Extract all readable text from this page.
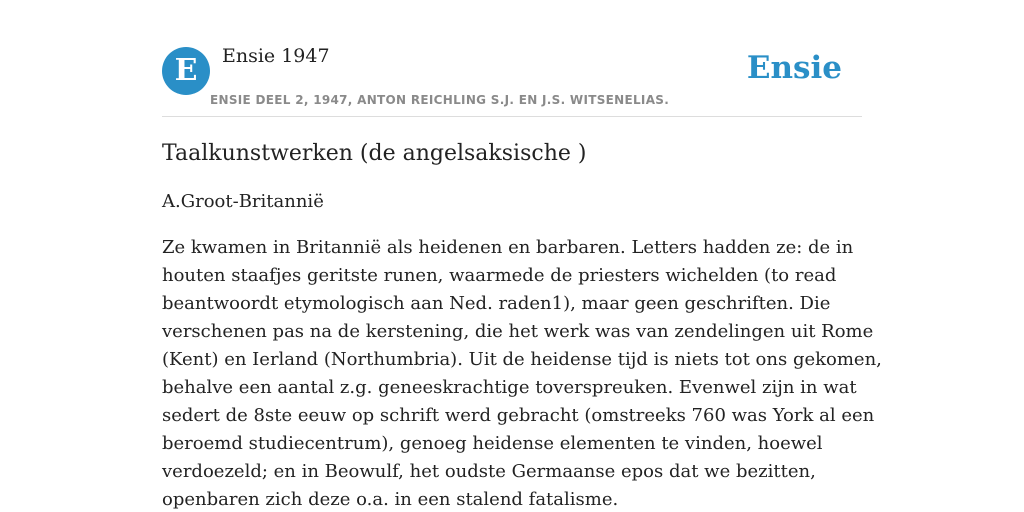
E	Ensie 1947
ENSIE DEEL 2, 1947, ANTON REICHLING S.J. EN J.S. WITSENELIAS.
Ensie
Taalkunstwerken (de angelsaksische )

A.Groot-Britannië

Ze kwamen in Britannië als heidenen en barbaren. Letters hadden ze: de in
houten staafjes geritste runen, waarmede de priesters wichelden (to read
beantwoordt etymologisch aan Ned. raden1), maar geen geschriften. Die
verschenen pas na de kerstening, die het werk was van zendelingen uit Rome
(Kent) en Ierland (Northumbria). Uit de heidense tijd is niets tot ons gekomen,
behalve een aantal z.g. geneeskrachtige toverspreuken. Evenwel zijn in wat
sedert de 8ste eeuw op schrift werd gebracht (omstreeks 760 was York al een
beroemd studiecentrum), genoeg heidense elementen te vinden, hoewel
verdoezeld; en in Beowulf, het oudste Germaanse epos dat we bezitten,
openbaren zich deze o.a. in een stalend fatalisme.
